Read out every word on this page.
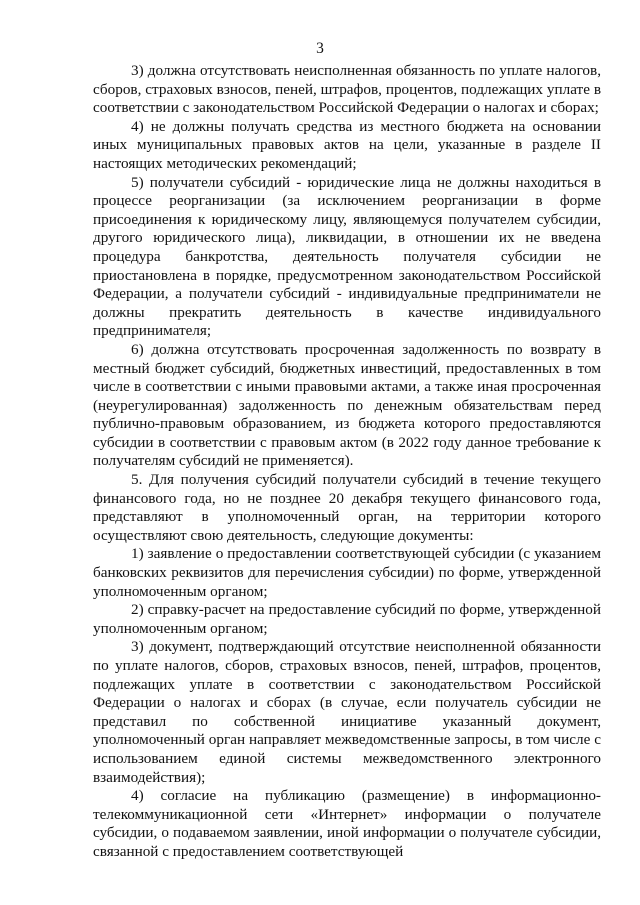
3

3) должна отсутствовать неисполненная обязанность по уплате налогов, сборов, страховых взносов, пеней, штрафов, процентов, подлежащих уплате в соответствии с законодательством Российской Федерации о налогах и сборах;

4) не должны получать средства из местного бюджета на основании иных муниципальных правовых актов на цели, указанные в разделе II настоящих методических рекомендаций;

5) получатели субсидий - юридические лица не должны находиться в процессе реорганизации (за исключением реорганизации в форме присоединения к юридическому лицу, являющемуся получателем субсидии, другого юридического лица), ликвидации, в отношении их не введена процедура банкротства, деятельность получателя субсидии не приостановлена в порядке, предусмотренном законодательством Российской Федерации, а получатели субсидий - индивидуальные предприниматели не должны прекратить деятельность в качестве индивидуального предпринимателя;

6) должна отсутствовать просроченная задолженность по возврату в местный бюджет субсидий, бюджетных инвестиций, предоставленных в том числе в соответствии с иными правовыми актами, а также иная просроченная (неурегулированная) задолженность по денежным обязательствам перед публично-правовым образованием, из бюджета которого предоставляются субсидии в соответствии с правовым актом (в 2022 году данное требование к получателям субсидий не применяется).

5. Для получения субсидий получатели субсидий в течение текущего финансового года, но не позднее 20 декабря текущего финансового года, представляют в уполномоченный орган, на территории которого осуществляют свою деятельность, следующие документы:

1) заявление о предоставлении соответствующей субсидии (с указанием банковских реквизитов для перечисления субсидии) по форме, утвержденной уполномоченным органом;

2) справку-расчет на предоставление субсидий по форме, утвержденной уполномоченным органом;

3) документ, подтверждающий отсутствие неисполненной обязанности по уплате налогов, сборов, страховых взносов, пеней, штрафов, процентов, подлежащих уплате в соответствии с законодательством Российской Федерации о налогах и сборах (в случае, если получатель субсидии не представил по собственной инициативе указанный документ, уполномоченный орган направляет межведомственные запросы, в том числе с использованием единой системы межведомственного электронного взаимодействия);

4) согласие на публикацию (размещение) в информационно-телекоммуникационной сети «Интернет» информации о получателе субсидии, о подаваемом заявлении, иной информации о получателе субсидии, связанной с предоставлением соответствующей
